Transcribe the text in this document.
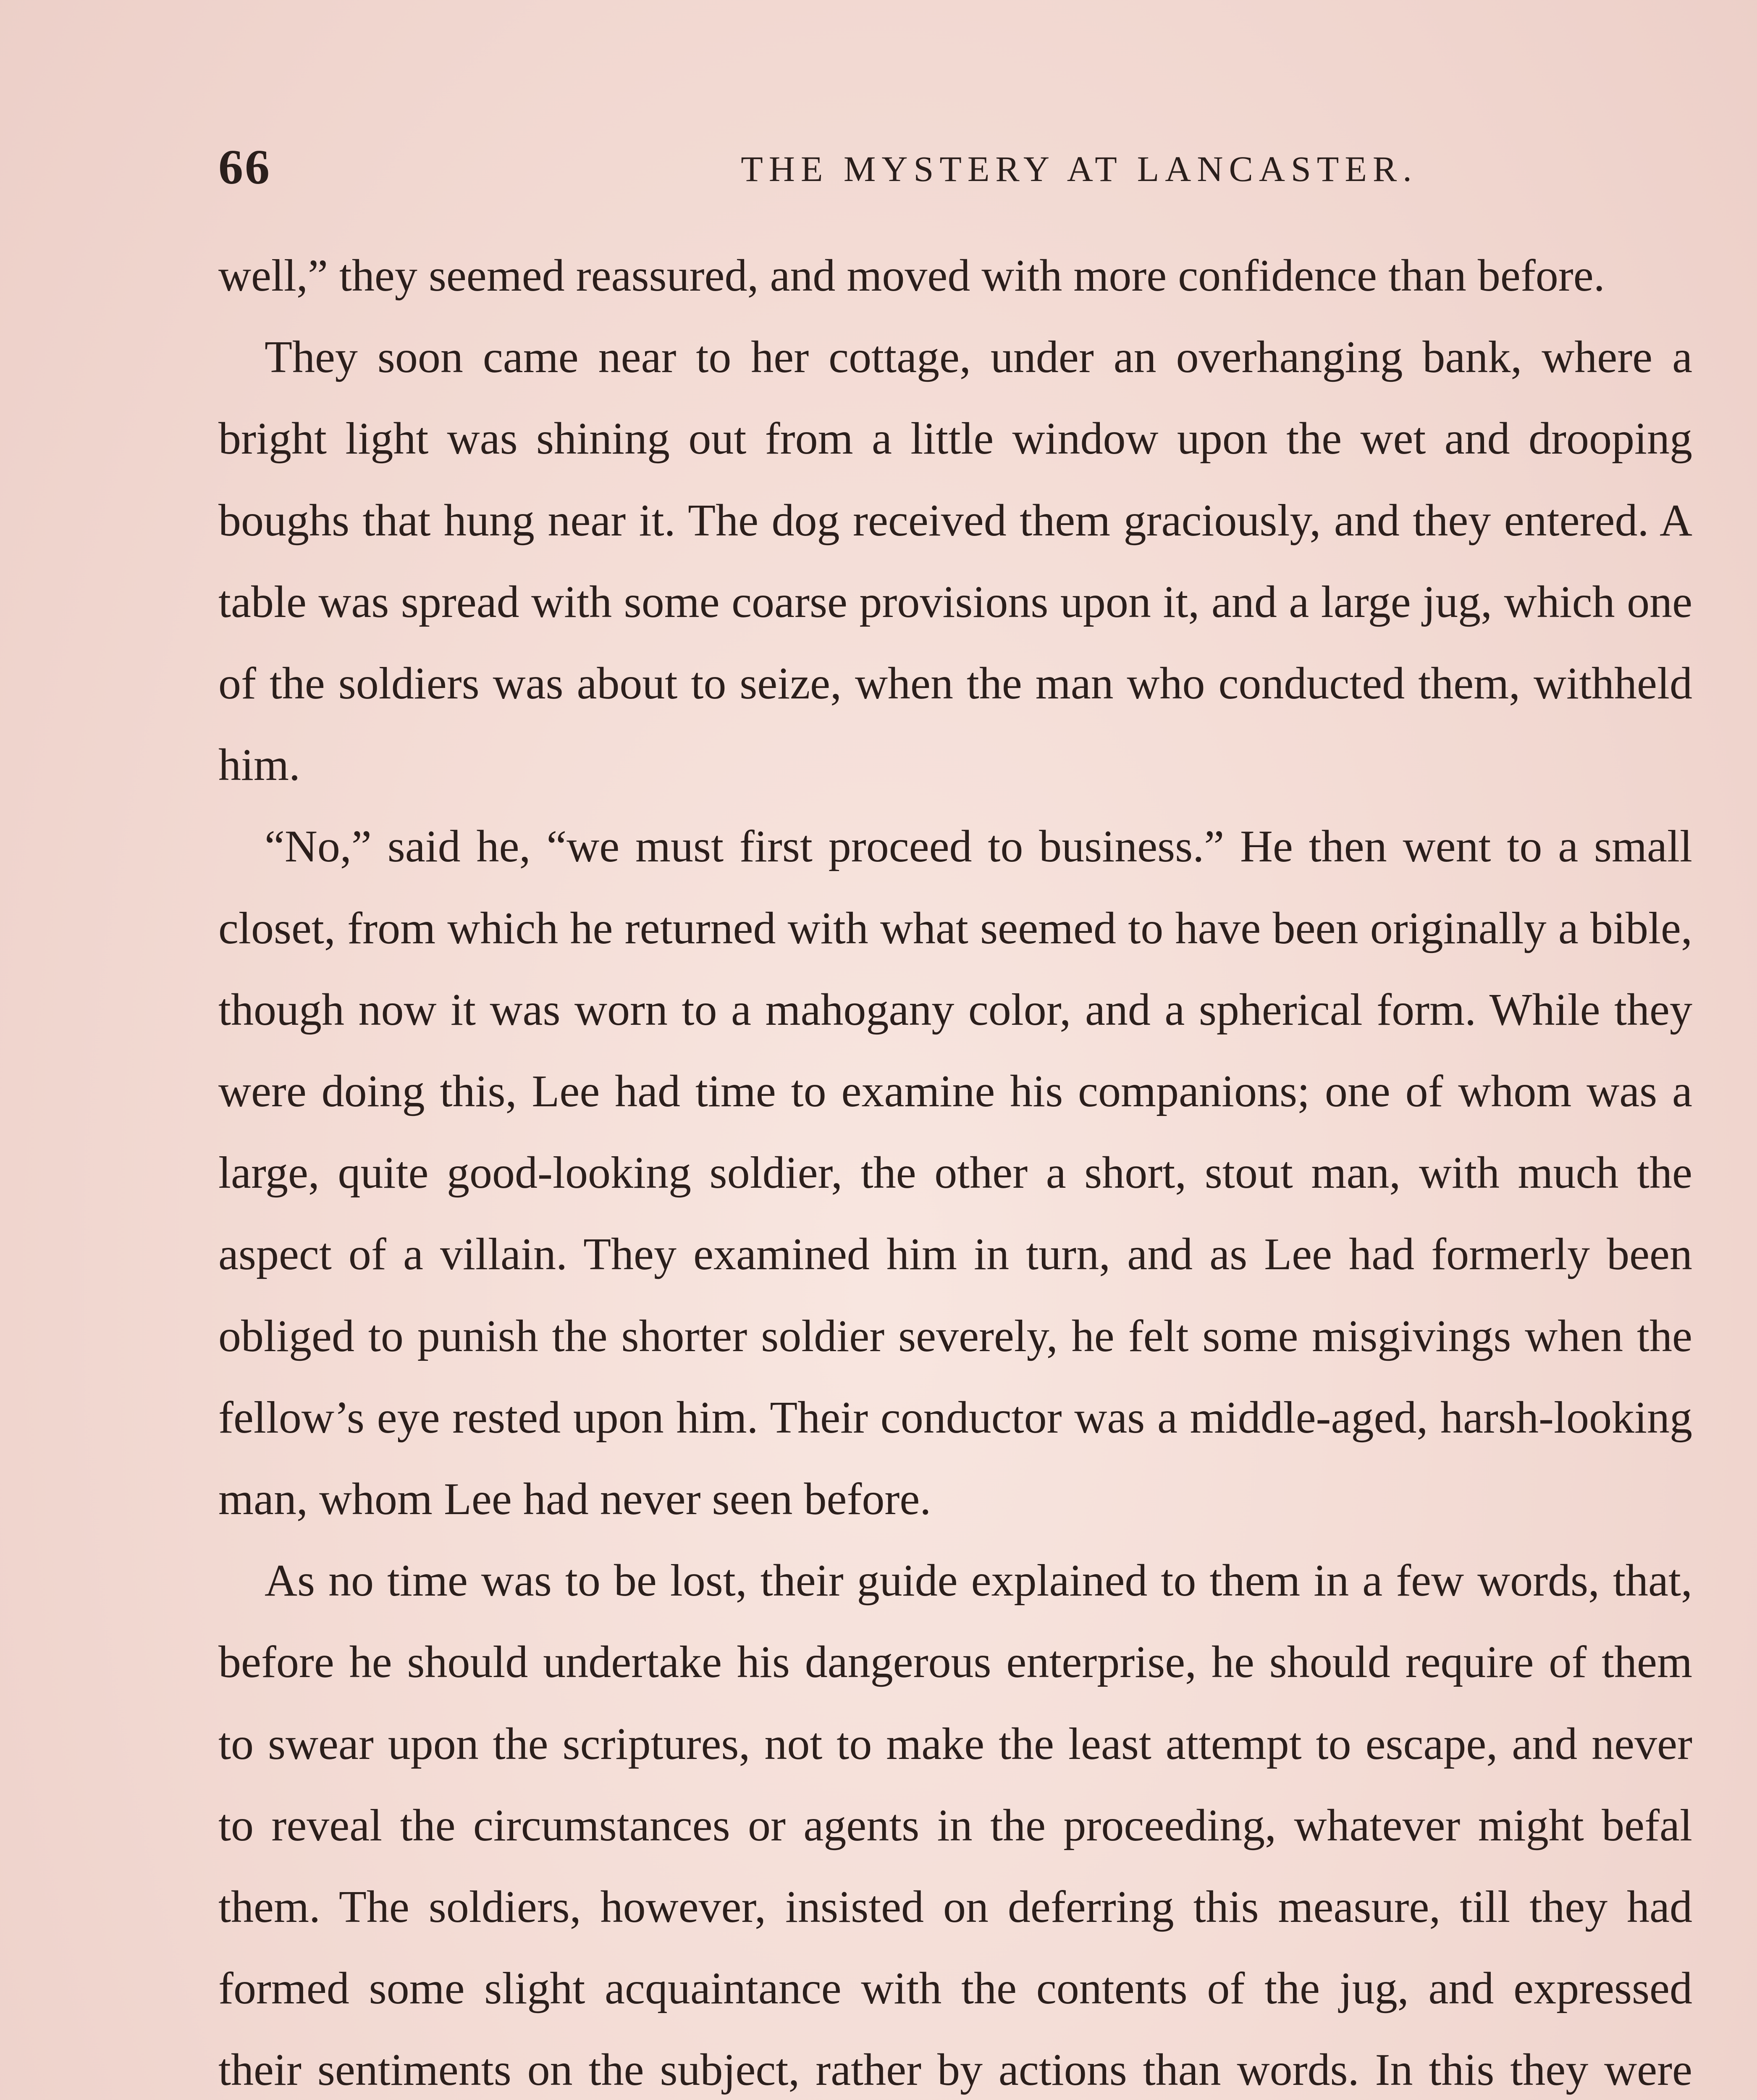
66	THE MYSTERY AT LANCASTER.

well,” they seemed reassured, and moved with more confidence than before.

They soon came near to her cottage, under an overhanging bank, where a bright light was shining out from a little window upon the wet and drooping boughs that hung near it. The dog received them graciously, and they entered. A table was spread with some coarse provisions upon it, and a large jug, which one of the soldiers was about to seize, when the man who conducted them, withheld him.

“No,” said he, “we must first proceed to business.” He then went to a small closet, from which he returned with what seemed to have been originally a bible, though now it was worn to a mahogany color, and a spherical form. While they were doing this, Lee had time to examine his companions; one of whom was a large, quite good-looking soldier, the other a short, stout man, with much the aspect of a villain. They examined him in turn, and as Lee had formerly been obliged to punish the shorter soldier severely, he felt some misgivings when the fellow’s eye rested upon him. Their conductor was a middle-aged, harsh-looking man, whom Lee had never seen before.

As no time was to be lost, their guide explained to them in a few words, that, before he should undertake his dangerous enterprise, he should require of them to swear upon the scriptures, not to make the least attempt to escape, and never to reveal the circumstances or agents in the proceeding, whatever might befal them. The soldiers, however, insisted on deferring this measure, till they had formed some slight acquaintance with the contents of the jug, and expressed their sentiments on the subject, rather by actions than words. In this they were
